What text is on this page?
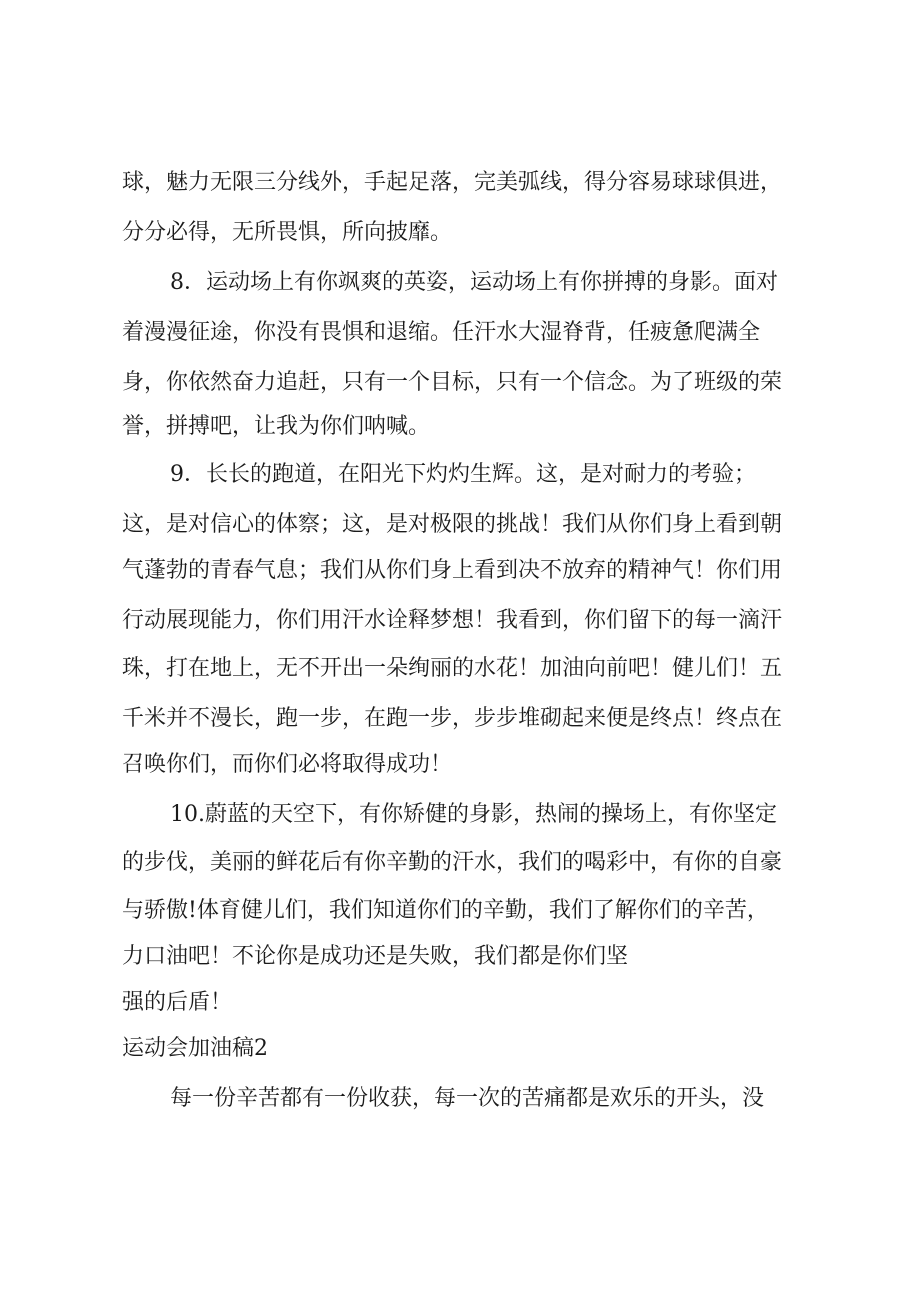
球，魅力无限三分线外，手起足落，完美弧线，得分容易球球俱进，
分分必得，无所畏惧，所向披靡。
8．运动场上有你飒爽的英姿，运动场上有你拼搏的身影。面对
着漫漫征途，你没有畏惧和退缩。任汗水大湿脊背，任疲惫爬满全
身，你依然奋力追赶，只有一个目标，只有一个信念。为了班级的荣
誉，拼搏吧，让我为你们呐喊。
9．长长的跑道，在阳光下灼灼生辉。这，是对耐力的考验；
这，是对信心的体察；这，是对极限的挑战！我们从你们身上看到朝
气蓬勃的青春气息；我们从你们身上看到决不放弃的精神气！你们用
行动展现能力，你们用汗水诠释梦想！我看到，你们留下的每一滴汗
珠，打在地上，无不开出一朵绚丽的水花！加油向前吧！健儿们！五
千米并不漫长，跑一步，在跑一步，步步堆砌起来便是终点！终点在
召唤你们，而你们必将取得成功！
10.蔚蓝的天空下，有你矫健的身影，热闹的操场上，有你坚定
的步伐，美丽的鲜花后有你辛勤的汗水，我们的喝彩中，有你的自豪
与骄傲!体育健儿们，我们知道你们的辛勤，我们了解你们的辛苦，
力口油吧！不论你是成功还是失败，我们都是你们坚
强的后盾！
运动会加油稿2
每一份辛苦都有一份收获，每一次的苦痛都是欢乐的开头，没
